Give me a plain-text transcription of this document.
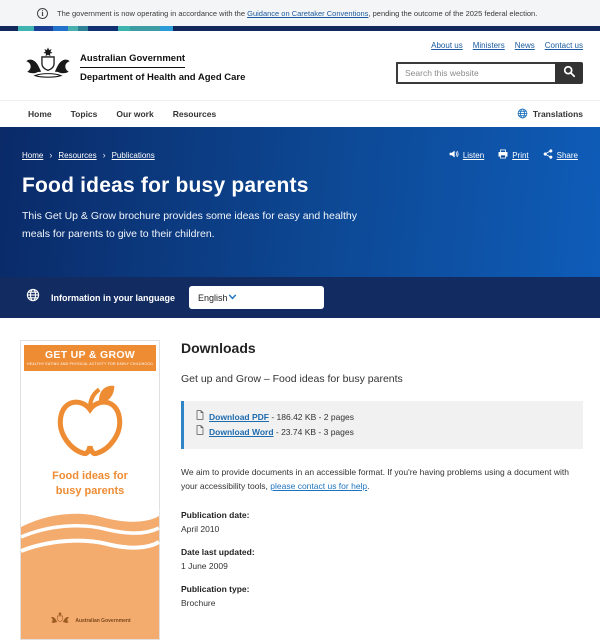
i	The government is now operating in accordance with the Guidance on Caretaker Conventions, pending the outcome of the 2025 federal election.
Australian Government
Department of Health and Aged Care
About us Ministers News Contact us
Search this website
Home Topics Our work Resources	Translations
Home › Resources › Publications	Listen	Print	Share
Food ideas for busy parents
This Get Up & Grow brochure provides some ideas for easy and healthy meals for parents to give to their children.
Information in your language	English
GET UP & GROW
HEALTHY EATING AND PHYSICAL ACTIVITY FOR EARLY CHILDHOOD
Food ideas for busy parents
Australian Government
Downloads
Get up and Grow – Food ideas for busy parents
Download PDF - 186.42 KB - 2 pages
Download Word - 23.74 KB - 3 pages
We aim to provide documents in an accessible format. If you're having problems using a document with your accessibility tools, please contact us for help.
Publication date:
April 2010
Date last updated:
1 June 2009
Publication type:
Brochure
